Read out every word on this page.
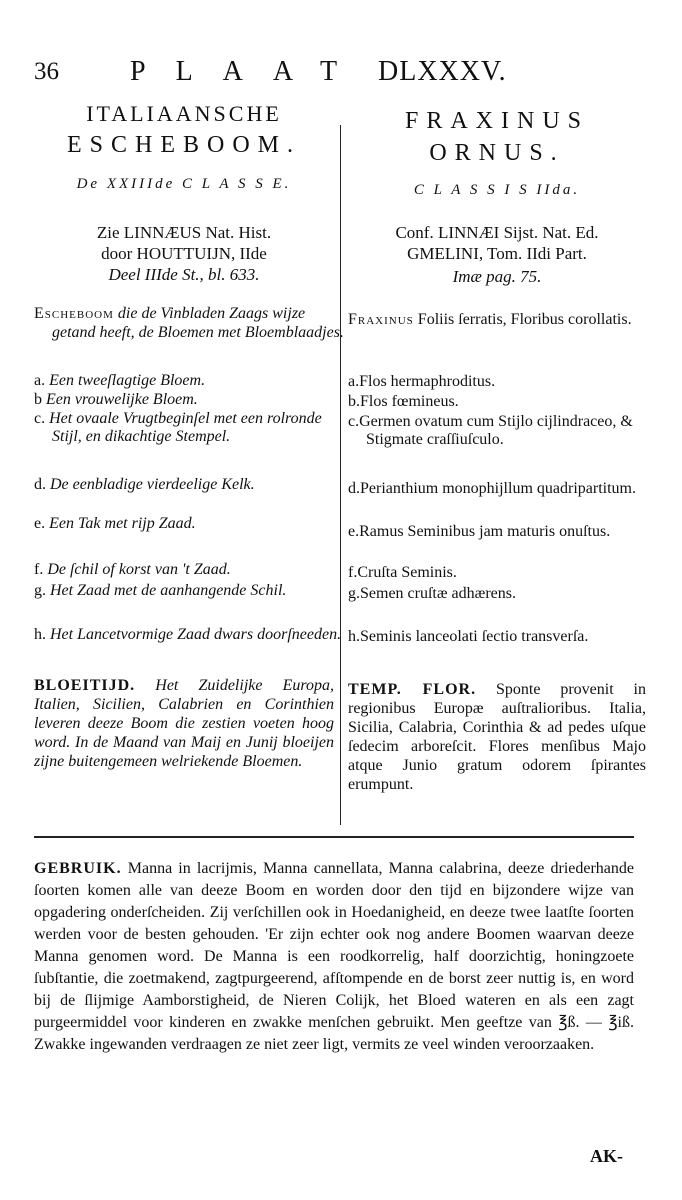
36	PLAAT DLXXXV.
ITALIAANSCHE
ESCHEBOOM.
De XXIIIde C L A S S E.
Zie LINNÆUS Nat. Hist.
door HOUTTUIJN, IIde
Deel IIIde St., bl. 633.
Escheboom die de Vinbladen Zaags wijze getand heeft, de Bloemen met Bloemblaadjes.
a. Een tweeſlagtige Bloem.
b Een vrouwelijke Bloem.
c. Het ovaale Vrugtbeginſel met een rolronde Stijl, en dikachtige Stempel.
d. De eenbladige vierdeelige Kelk.
e. Een Tak met rijp Zaad.
f. De ſchil of korst van 't Zaad.
g. Het Zaad met de aanhangende Schil.
h. Het Lancetvormige Zaad dwars doorſneeden.
BLOEITIJD. Het Zuidelijke Europa, Italien, Sicilien, Calabrien en Corinthien leveren deeze Boom die zestien voeten hoog word. In de Maand van Maij en Junij bloeijen zijne buitengemeen welriekende Bloemen.
FRAXINUS
ORNUS.
C L A S S I S IIda.
Conf. LINNÆI Sijst. Nat. Ed.
GMELINI, Tom. IIdi Part.
Imæ pag. 75.
Fraxinus Foliis ſerratis, Floribus corollatis.
a.Flos hermaphroditus.
b.Flos fœmineus.
c.Germen ovatum cum Stijlo cijlindraceo, & Stigmate craſſiuſculo.
d.Perianthium monophijllum quadripartitum.
e.Ramus Seminibus jam maturis onuſtus.
f.Cruſta Seminis.
g.Semen cruſtæ adhærens.
h.Seminis lanceolati ſectio transverſa.
TEMP. FLOR. Sponte provenit in regionibus Europæ auſtralioribus. Italia, Sicilia, Calabria, Corinthia & ad pedes uſque ſedecim arboreſcit. Flores menſibus Majo atque Junio gratum odorem ſpirantes erumpunt.
GEBRUIK. Manna in lacrijmis, Manna cannellata, Manna calabrina, deeze driederhande ſoorten komen alle van deeze Boom en worden door den tijd en bijzondere wijze van opgadering onderſcheiden. Zij verſchillen ook in Hoedanigheid, en deeze twee laatſte ſoorten werden voor de besten gehouden. 'Er zijn echter ook nog andere Boomen waarvan deeze Manna genomen word. De Manna is een roodkorrelig, half doorzichtig, honingzoete ſubſtantie, die zoetmakend, zagtpurgeerend, afſtompende en de borst zeer nuttig is, en word bij de ſlijmige Aamborstigheid, de Nieren Colijk, het Bloed wateren en als een zagt purgeermiddel voor kinderen en zwakke menſchen gebruikt. Men geeftze van ℥ß. — ℥iß. Zwakke ingewanden verdraagen ze niet zeer ligt, vermits ze veel winden veroorzaaken.
AK-
